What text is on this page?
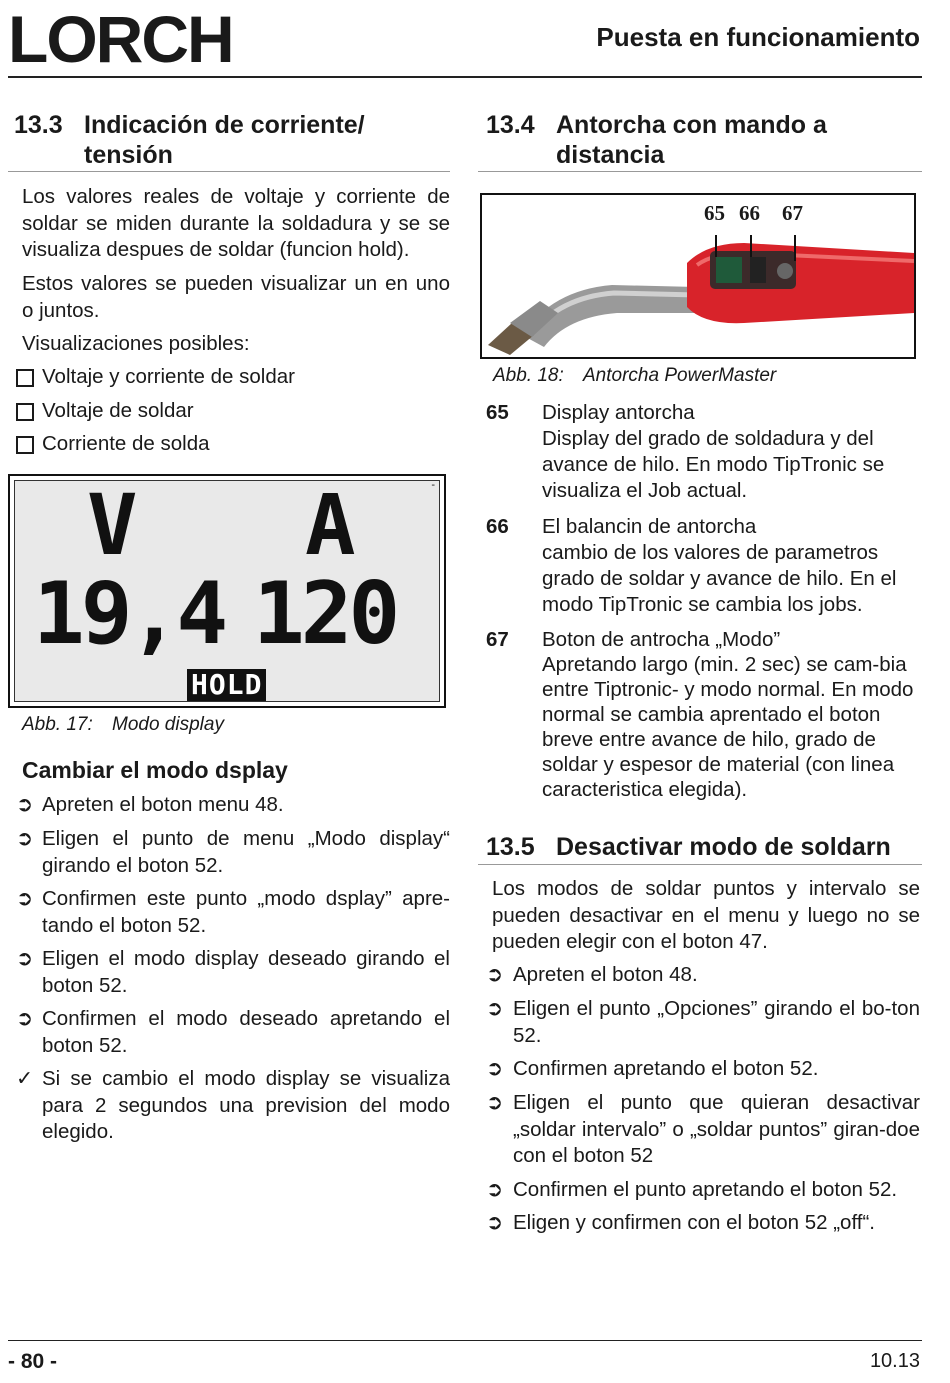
LORCH	Puesta en funcionamiento
13.3 Indicación de corriente/ tensión
Los valores reales de voltaje y corriente de soldar se miden durante la soldadura y se se visualiza despues de soldar (funcion hold).
Estos valores se pueden visualizar un en uno o juntos.
Visualizaciones posibles:
Voltaje y corriente de soldar
Voltaje de soldar
Corriente de solda
V A
19,4 120
HOLD
-
Abb. 17: Modo display
Cambiar el modo dsplay
➲ Apreten el boton menu 48.
➲ Eligen el punto de menu „Modo display“ girando el boton 52.
➲ Confirmen este punto „modo dsplay” apre-tando el boton 52.
➲ Eligen el modo display deseado girando el boton 52.
➲ Confirmen el modo deseado apretando el boton 52.
✓ Si se cambio el modo display se visualiza para 2 segundos una prevision del modo elegido.
13.4 Antorcha con mando a distancia
65 66 67
Abb. 18: Antorcha PowerMaster
65 Display antorcha
Display del grado de soldadura y del avance de hilo. En modo TipTronic se visualiza el Job actual.
66 El balancin de antorcha
cambio de los valores de parametros grado de soldar y avance de hilo. En el modo TipTronic se cambia los jobs.
67 Boton de antrocha „Modo”
Apretando largo (min. 2 sec) se cam-bia entre Tiptronic- y modo normal. En modo normal se cambia aprentado el boton breve entre avance de hilo, grado de soldar y espesor de material (con linea caracteristica elegida).
13.5 Desactivar modo de soldarn
Los modos de soldar puntos y intervalo se pueden desactivar en el menu y luego no se pueden elegir con el boton 47.
➲ Apreten el boton 48.
➲ Eligen el punto „Opciones” girando el bo-ton 52.
➲ Confirmen apretando el boton 52.
➲ Eligen el punto que quieran desactivar „soldar intervalo” o „soldar puntos” giran-doe con el boton 52
➲ Confirmen el punto apretando el boton 52.
➲ Eligen y confirmen con el boton 52 „off“.
- 80 -	10.13
